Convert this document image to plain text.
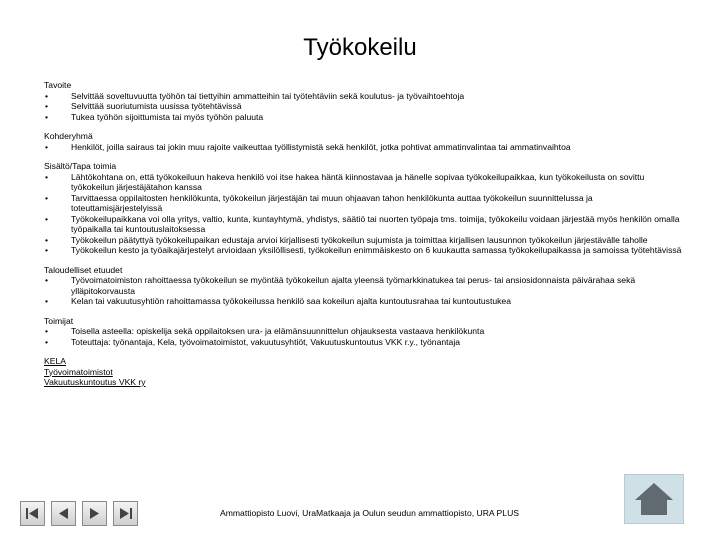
Työkokeilu
Tavoite
•	Selvittää soveltuvuutta työhön tai tiettyihin ammatteihin tai työtehtäviin sekä koulutus- ja työvaihtoehtoja
•	Selvittää suoriutumista uusissa työtehtävissä
•	Tukea työhön sijoittumista tai myös työhön paluuta
Kohderyhmä
•	Henkilöt, joilla sairaus tai jokin muu rajoite vaikeuttaa työllistymistä sekä henkilöt, jotka pohtivat ammatinvalintaa tai ammatinvaihtoa
Sisältö/Tapa toimia
•	Lähtökohtana on, että työkokeiluun hakeva henkilö voi itse hakea häntä kiinnostavaa ja hänelle sopivaa työkokeilupaikkaa, kun työkokeilusta on sovittu työkokeilun järjestäjätahon kanssa
•	Tarvittaessa oppilaitosten henkilökunta, työkokeilun järjestäjän tai muun ohjaavan tahon henkilökunta auttaa työkokeilun suunnittelussa ja toteuttamisjärjestelyissä
•	Työkokeilupaikkana voi olla yritys, valtio, kunta, kuntayhtymä, yhdistys, säätiö tai nuorten työpaja tms. toimija, työkokeilu voidaan järjestää myös henkilön omalla työpaikalla tai kuntoutuslaitoksessa
•	Työkokeilun päätyttyä työkokeilupaikan edustaja arvioi kirjallisesti työkokeilun sujumista ja toimittaa kirjallisen lausunnon työkokeilun järjestävälle taholle
•	Työkokeilun kesto ja työaikajärjestelyt arvioidaan yksilöllisesti, työkokeilun enimmäiskesto on 6 kuukautta samassa työkokeilupaikassa ja samoissa työtehtävissä
Taloudelliset etuudet
•	Työvoimatoimiston rahoittaessa työkokeilun se myöntää työkokeilun ajalta yleensä työmarkkinatukea tai perus- tai ansiosidonnaista päivärahaa sekä ylläpitokorvausta
•	Kelan tai vakuutusyhtiön rahoittamassa työkokeilussa henkilö saa kokeilun ajalta kuntoutusrahaa tai kuntoutustukea
Toimijat
•	Toisella asteella: opiskelija sekä oppilaitoksen ura- ja elämänsuunnittelun ohjauksesta vastaava henkilökunta
•	Toteuttaja: työnantaja, Kela, työvoimatoimistot, vakuutusyhtiöt, Vakuutuskuntoutus VKK r.y., työnantaja
KELA
Työvoimatoimistot
Vakuutuskuntoutus VKK ry
Ammattiopisto Luovi, UraMatkaaja ja Oulun seudun ammattiopisto, URA PLUS
